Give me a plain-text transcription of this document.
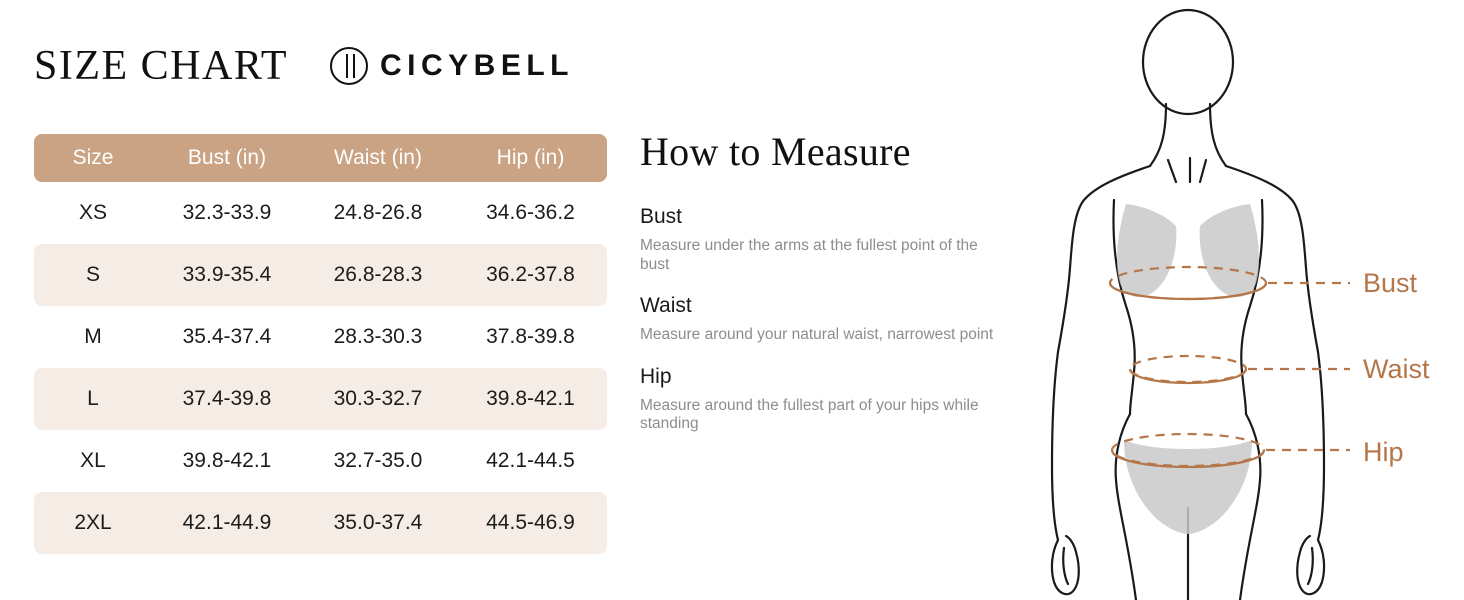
SIZE CHART	CICYBELL
Size	Bust (in)	Waist (in)	Hip (in)
XS	32.3-33.9	24.8-26.8	34.6-36.2
S	33.9-35.4	26.8-28.3	36.2-37.8
M	35.4-37.4	28.3-30.3	37.8-39.8
L	37.4-39.8	30.3-32.7	39.8-42.1
XL	39.8-42.1	32.7-35.0	42.1-44.5
2XL	42.1-44.9	35.0-37.4	44.5-46.9
How to Measure
Bust
Measure under the arms at the fullest point of the bust
Waist
Measure around your natural waist, narrowest point
Hip
Measure around the fullest part of your hips while standing
Bust
Waist
Hip
